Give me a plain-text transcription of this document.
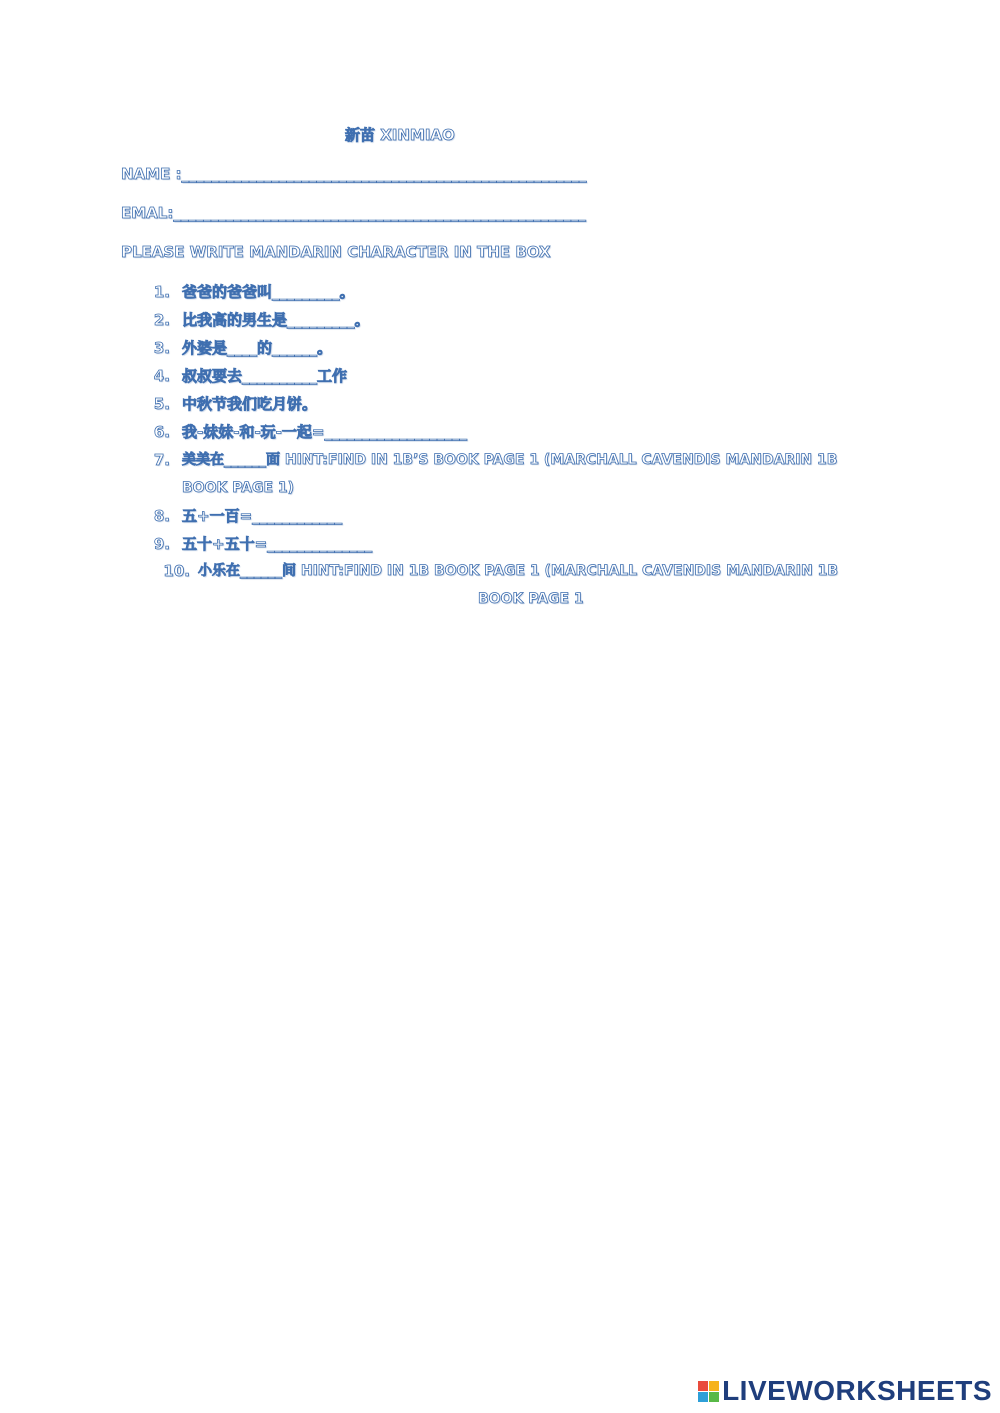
新苗 XINMIAO
NAME :______________________________________________________
EMAL:_______________________________________________________
PLEASE WRITE MANDARIN CHARACTER IN THE BOX
1. 爸爸的爸爸叫_________。
2. 比我高的男生是_________。
3. 外婆是____的______。
4. 叔叔要去__________工作
5. 中秋节我们吃月饼。
6. 我-妹妹-和-玩-一起=___________________
7. 美美在______面 HINT:FIND IN 1B’S BOOK PAGE 1 (MARCHALL CAVENDIS MANDARIN 1B
BOOK PAGE 1)
8. 五+一百=____________
9. 五十+五十=______________
10. 小乐在______间 HINT:FIND IN 1B BOOK PAGE 1 (MARCHALL CAVENDIS MANDARIN 1B
BOOK PAGE 1
LIVEWORKSHEETS
